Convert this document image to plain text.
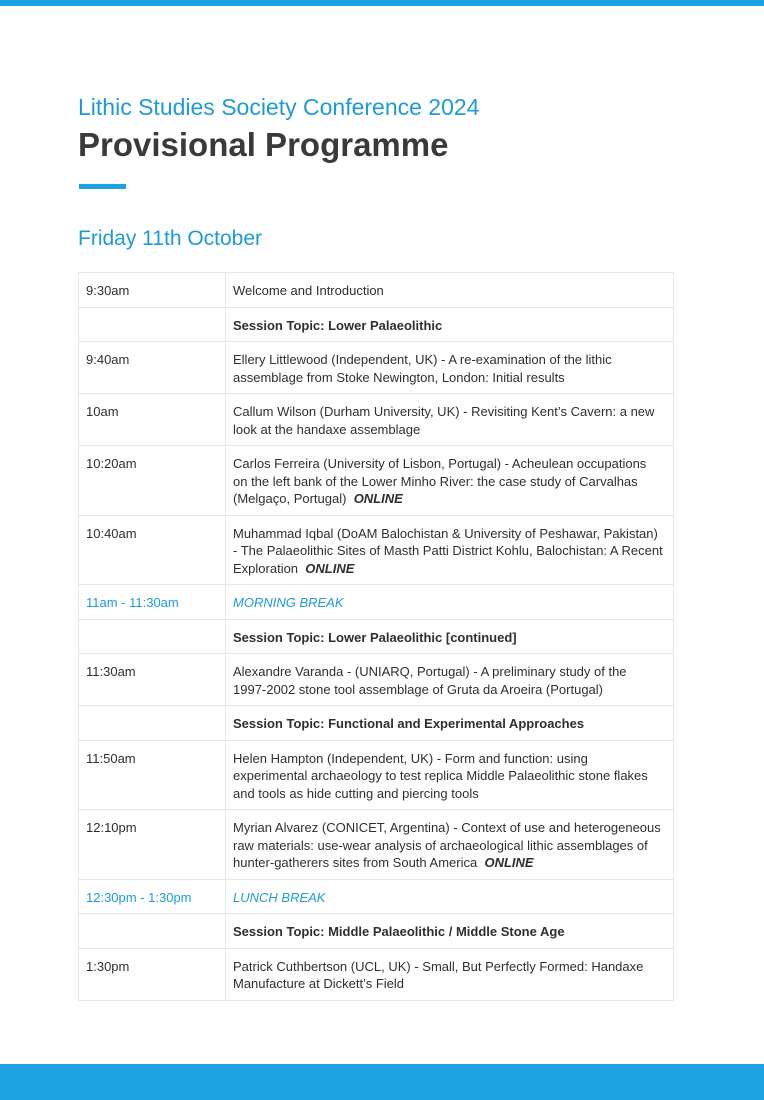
Lithic Studies Society Conference 2024
Provisional Programme
Friday 11th October
9:30am	Welcome and Introduction
	Session Topic: Lower Palaeolithic
9:40am	Ellery Littlewood (Independent, UK) - A re-examination of the lithic assemblage from Stoke Newington, London: Initial results
10am	Callum Wilson (Durham University, UK) - Revisiting Kent’s Cavern: a new look at the handaxe assemblage
10:20am	Carlos Ferreira (University of Lisbon, Portugal) - Acheulean occupations on the left bank of the Lower Minho River: the case study of Carvalhas (Melgaço, Portugal) ONLINE
10:40am	Muhammad Iqbal (DoAM Balochistan & University of Peshawar, Pakistan) - The Palaeolithic Sites of Masth Patti District Kohlu, Balochistan: A Recent Exploration ONLINE
11am - 11:30am	MORNING BREAK
	Session Topic: Lower Palaeolithic [continued]
11:30am	Alexandre Varanda - (UNIARQ, Portugal) - A preliminary study of the 1997-2002 stone tool assemblage of Gruta da Aroeira (Portugal)
	Session Topic: Functional and Experimental Approaches
11:50am	Helen Hampton (Independent, UK) - Form and function: using experimental archaeology to test replica Middle Palaeolithic stone flakes and tools as hide cutting and piercing tools
12:10pm	Myrian Alvarez (CONICET, Argentina) - Context of use and heterogeneous raw materials: use-wear analysis of archaeological lithic assemblages of hunter-gatherers sites from South America ONLINE
12:30pm - 1:30pm	LUNCH BREAK
	Session Topic: Middle Palaeolithic / Middle Stone Age
1:30pm	Patrick Cuthbertson (UCL, UK) - Small, But Perfectly Formed: Handaxe Manufacture at Dickett’s Field
